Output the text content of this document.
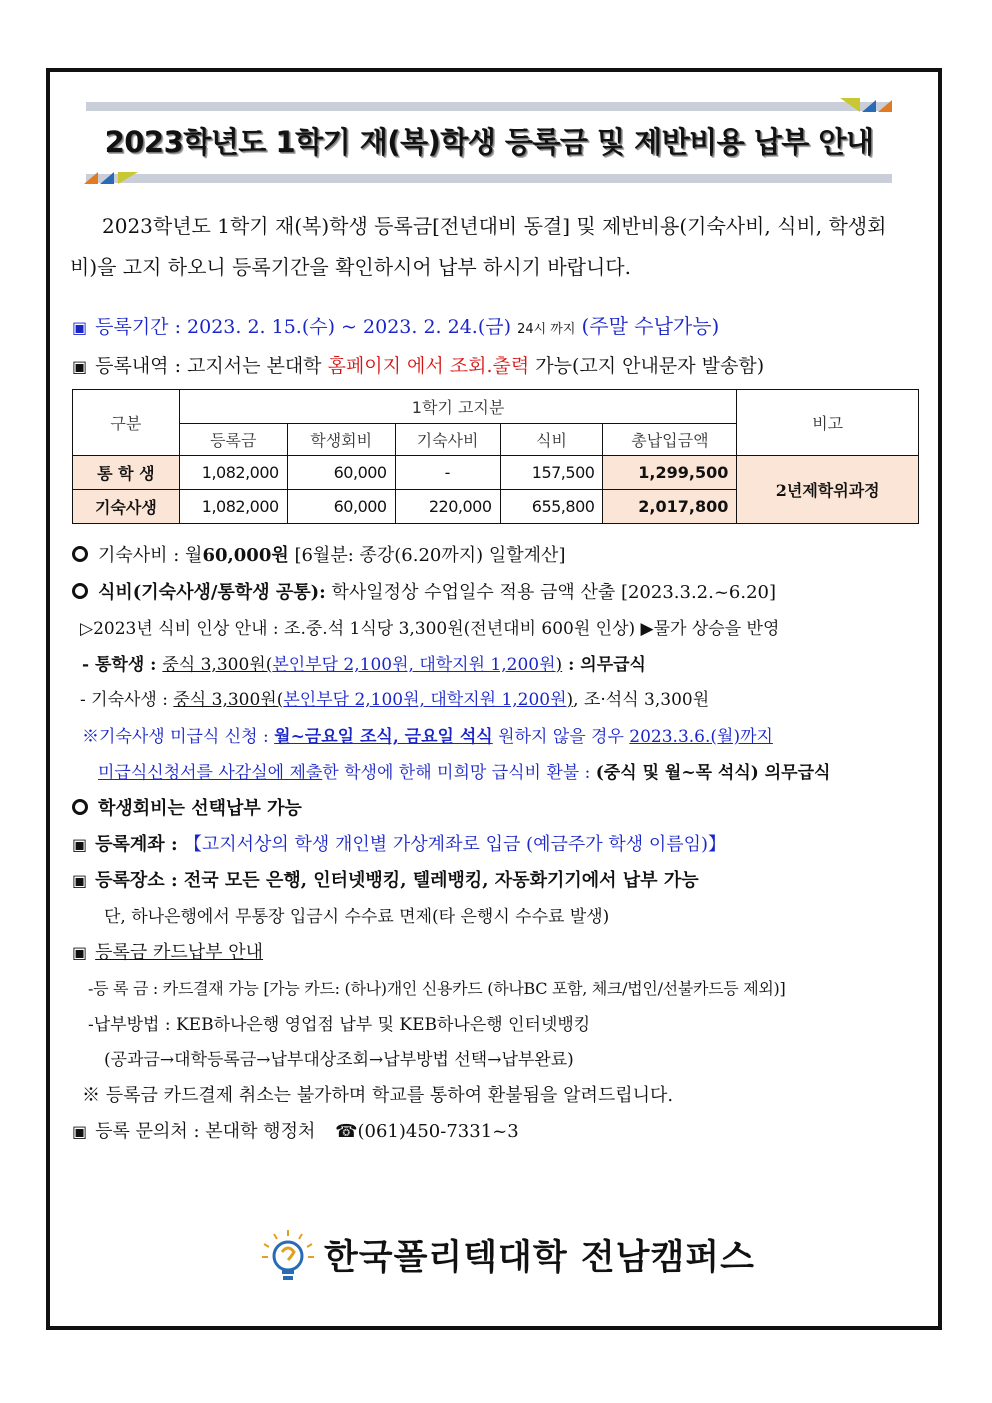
2023학년도 1학기 재(복)학생 등록금 및 제반비용 납부 안내
2023학년도 1학기 재(복)학생 등록금[전년대비 동결] 및 제반비용(기숙사비, 식비, 학생회비)을 고지 하오니 등록기간을 확인하시어 납부 하시기 바랍니다.
▣ 등록기간 : 2023. 2. 15.(수) ~ 2023. 2. 24.(금) 24시 까지 (주말 수납가능)
▣ 등록내역 : 고지서는 본대학 홈페이지 에서 조회.출력 가능(고지 안내문자 발송함)
구분	1학기 고지분					비고
	등록금	학생회비	기숙사비	식비	총납입금액	
통 학 생	1,082,000	60,000	-	157,500	1,299,500	2년제학위과정
기숙사생	1,082,000	60,000	220,000	655,800	2,017,800	
기숙사비 : 월60,000원 [6월분: 종강(6.20까지) 일할계산]
식비(기숙사생/통학생 공통): 학사일정상 수업일수 적용 금액 산출 [2023.3.2.~6.20]
▷2023년 식비 인상 안내 : 조.중.석 1식당 3,300원(전년대비 600원 인상) ▶물가 상승을 반영
- 통학생 : 중식 3,300원(본인부담 2,100원, 대학지원 1,200원) : 의무급식
- 기숙사생 : 중식 3,300원(본인부담 2,100원, 대학지원 1,200원), 조·석식 3,300원
※기숙사생 미급식 신청 : 월~금요일 조식, 금요일 석식 원하지 않을 경우 2023.3.6.(월)까지
미급식신청서를 사감실에 제출한 학생에 한해 미희망 급식비 환불 : (중식 및 월~목 석식) 의무급식
학생회비는 선택납부 가능
▣ 등록계좌 : 【고지서상의 학생 개인별 가상계좌로 입금 (예금주가 학생 이름임)】
▣ 등록장소 : 전국 모든 은행, 인터넷뱅킹, 텔레뱅킹, 자동화기기에서 납부 가능
단, 하나은행에서 무통장 입금시 수수료 면제(타 은행시 수수료 발생)
▣ 등록금 카드납부 안내
-등 록 금 : 카드결재 가능 [가능 카드: (하나)개인 신용카드 (하나BC 포함, 체크/법인/선불카드등 제외)]
-납부방법 : KEB하나은행 영업점 납부 및 KEB하나은행 인터넷뱅킹
(공과금→대학등록금→납부대상조회→납부방법 선택→납부완료)
※ 등록금 카드결제 취소는 불가하며 학교를 통하여 환불됨을 알려드립니다.
▣ 등록 문의처 : 본대학 행정처 ☎(061)450-7331~3
한국폴리텍대학 전남캠퍼스
